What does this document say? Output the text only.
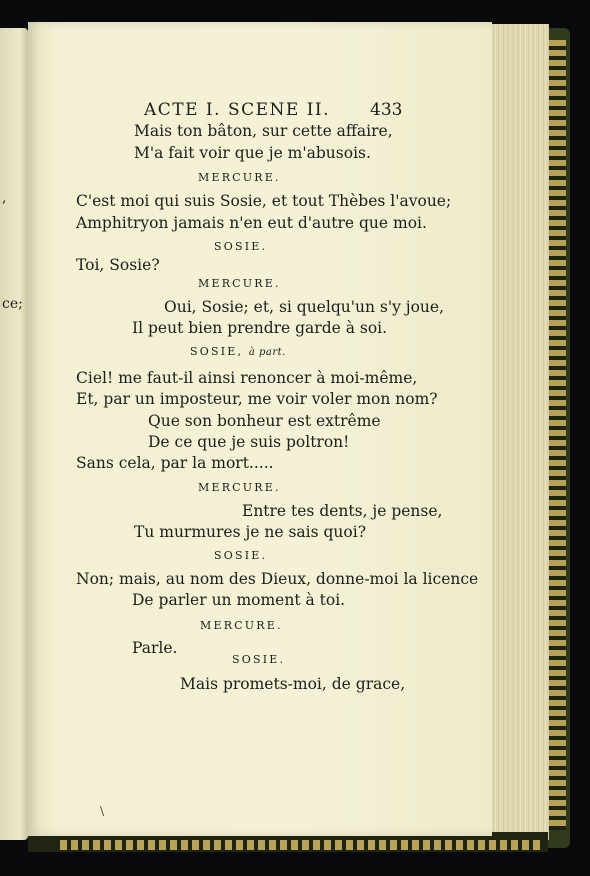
,
ce;
ACTE I. SCENE II. 433
Mais ton bâton, sur cette affaire,
M'a fait voir que je m'abusois.
MERCURE.
C'est moi qui suis Sosie, et tout Thèbes l'avoue;
Amphitryon jamais n'en eut d'autre que moi.
SOSIE.
Toi, Sosie?
MERCURE.
Oui, Sosie; et, si quelqu'un s'y joue,
Il peut bien prendre garde à soi.
SOSIE, à part.
Ciel! me faut-il ainsi renoncer à moi-même,
Et, par un imposteur, me voir voler mon nom?
Que son bonheur est extrême
De ce que je suis poltron!
Sans cela, par la mort.....
MERCURE.
Entre tes dents, je pense,
Tu murmures je ne sais quoi?
SOSIE.
Non; mais, au nom des Dieux, donne-moi la licence
De parler un moment à toi.
MERCURE.
Parle.
SOSIE.
Mais promets-moi, de grace,
\
